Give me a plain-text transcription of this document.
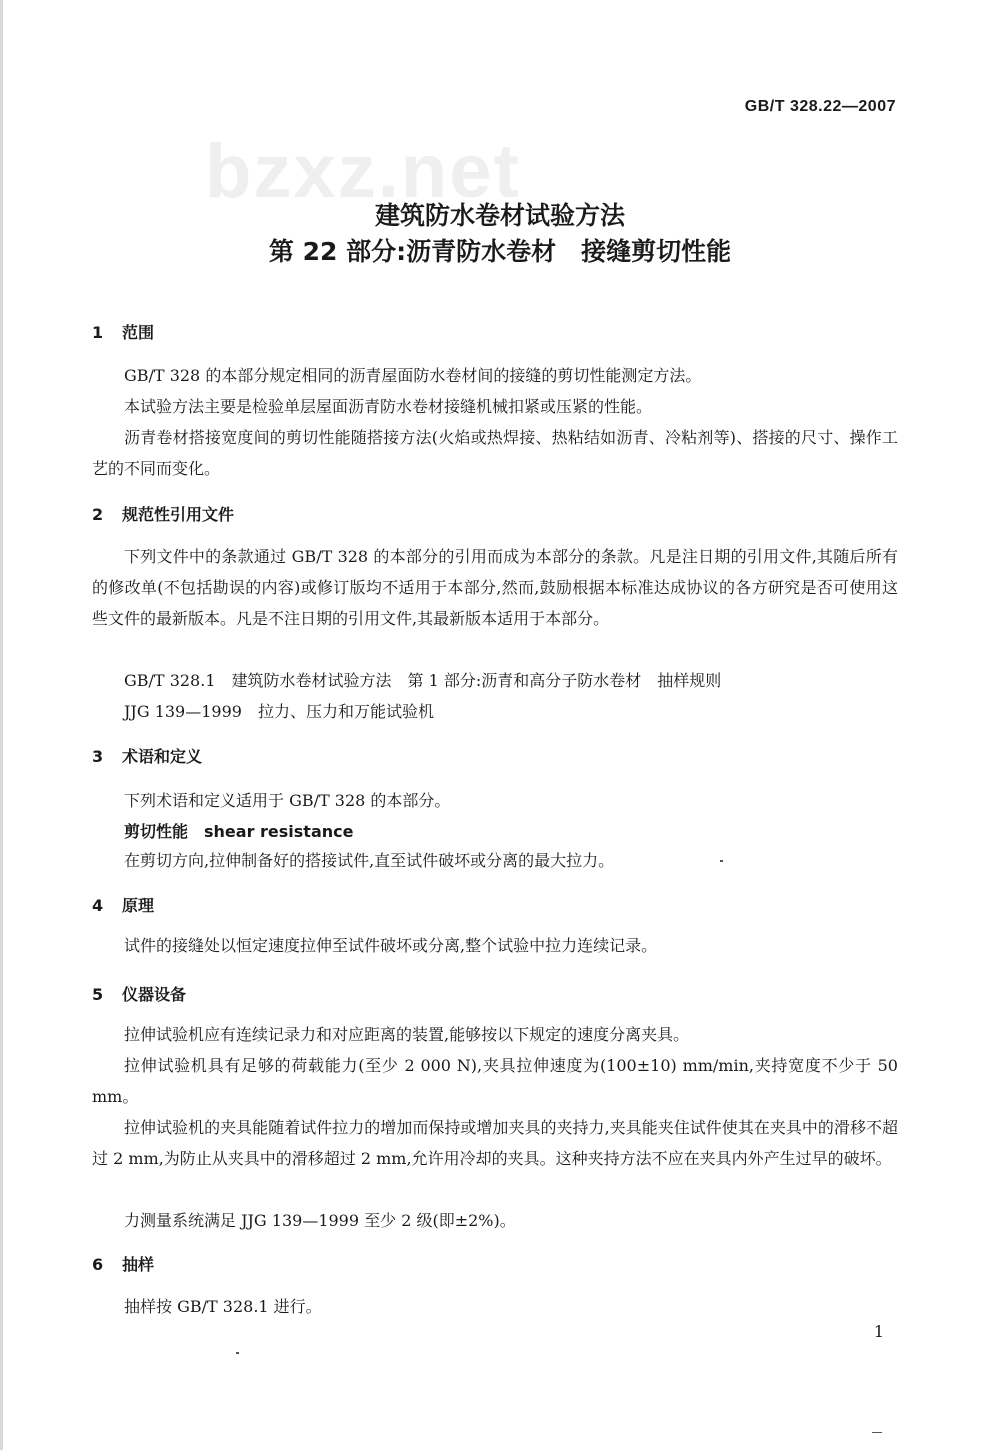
GB/T 328.22—2007
bzxz.net
建筑防水卷材试验方法
第 22 部分:沥青防水卷材　接缝剪切性能
1 范围

GB/T 328 的本部分规定相同的沥青屋面防水卷材间的接缝的剪切性能测定方法。

本试验方法主要是检验单层屋面沥青防水卷材接缝机械扣紧或压紧的性能。

沥青卷材搭接宽度间的剪切性能随搭接方法(火焰或热焊接、热粘结如沥青、冷粘剂等)、搭接的尺寸、操作工艺的不同而变化。

2 规范性引用文件

下列文件中的条款通过 GB/T 328 的本部分的引用而成为本部分的条款。凡是注日期的引用文件,其随后所有的修改单(不包括勘误的内容)或修订版均不适用于本部分,然而,鼓励根据本标准达成协议的各方研究是否可使用这些文件的最新版本。凡是不注日期的引用文件,其最新版本适用于本部分。

GB/T 328.1　建筑防水卷材试验方法　第 1 部分:沥青和高分子防水卷材　抽样规则
JJG 139—1999　拉力、压力和万能试验机
3 术语和定义

下列术语和定义适用于 GB/T 328 的本部分。

剪切性能　shear resistance

在剪切方向,拉伸制备好的搭接试件,直至试件破坏或分离的最大拉力。

4 原理

试件的接缝处以恒定速度拉伸至试件破坏或分离,整个试验中拉力连续记录。

5 仪器设备

拉伸试验机应有连续记录力和对应距离的装置,能够按以下规定的速度分离夹具。

拉伸试验机具有足够的荷载能力(至少 2 000 N),夹具拉伸速度为(100±10) mm/min,夹持宽度不少于 50 mm。

拉伸试验机的夹具能随着试件拉力的增加而保持或增加夹具的夹持力,夹具能夹住试件使其在夹具中的滑移不超过 2 mm,为防止从夹具中的滑移超过 2 mm,允许用冷却的夹具。这种夹持方法不应在夹具内外产生过早的破坏。

力测量系统满足 JJG 139—1999 至少 2 级(即±2%)。

6 抽样

抽样按 GB/T 328.1 进行。

1
